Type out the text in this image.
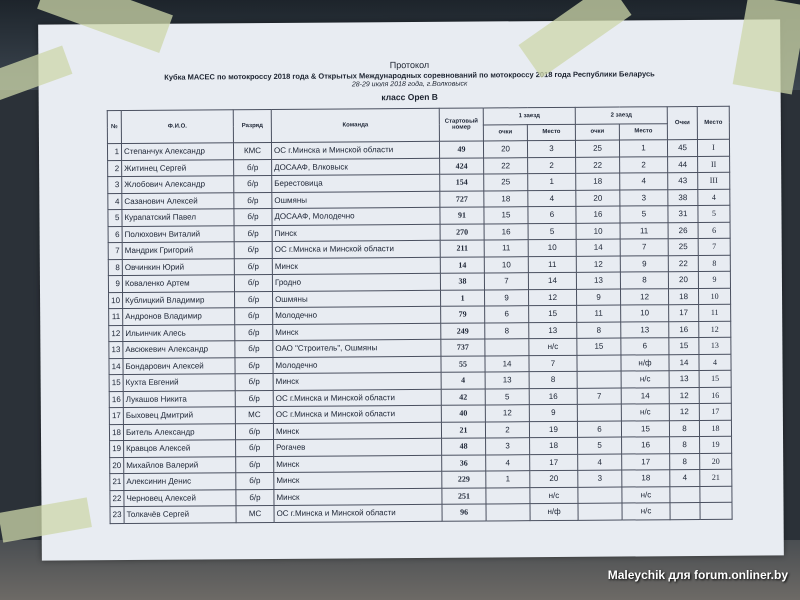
Протокол
Кубка МАСЕС по мотокроссу 2018 года & Открытых Международных соревнований по мотокроссу 2018 года Республики Беларусь
28-29 июля 2018 года, г.Волковыск
класс Open B
№	Ф.И.О.	Разряд	Команда	Стартовый номер	1 заезд		2 заезд		Очки	Место
					очки	Место	очки	Место		
1	Степанчук Александр	КМС	ОС г.Минска и Минской области	49	20	3	25	1	45	I
2	Житинец Сергей	б/р	ДОСААФ, Влковыск	424	22	2	22	2	44	II
3	Жлобович Александр	б/р	Берестовица	154	25	1	18	4	43	III
4	Сазанович Алексей	б/р	Ошмяны	727	18	4	20	3	38	4
5	Курапатский Павел	б/р	ДОСААФ, Молодечно	91	15	6	16	5	31	5
6	Полюхович Виталий	б/р	Пинск	270	16	5	10	11	26	6
7	Мандрик Григорий	б/р	ОС г.Минска и Минской области	211	11	10	14	7	25	7
8	Овчинкин Юрий	б/р	Минск	14	10	11	12	9	22	8
9	Коваленко Артем	б/р	Гродно	38	7	14	13	8	20	9
10	Кублицкий Владимир	б/р	Ошмяны	1	9	12	9	12	18	10
11	Андронов Владимир	б/р	Молодечно	79	6	15	11	10	17	11
12	Ильинчик Алесь	б/р	Минск	249	8	13	8	13	16	12
13	Авсюкевич Александр	б/р	ОАО "Строитель", Ошмяны	737		н/с	15	6	15	13
14	Бондарович Алексей	б/р	Молодечно	55	14	7		н/ф	14	4
15	Кухта Евгений	б/р	Минск	4	13	8		н/с	13	15
16	Лукашов Никита	б/р	ОС г.Минска и Минской области	42	5	16	7	14	12	16
17	Быховец Дмитрий	МС	ОС г.Минска и Минской области	40	12	9		н/с	12	17
18	Битель Александр	б/р	Минск	21	2	19	6	15	8	18
19	Кравцов Алексей	б/р	Рогачев	48	3	18	5	16	8	19
20	Михайлов Валерий	б/р	Минск	36	4	17	4	17	8	20
21	Алексинин Денис	б/р	Минск	229	1	20	3	18	4	21
22	Черновец Алексей	б/р	Минск	251		н/с		н/с		
23	Толкачёв Сергей	МС	ОС г.Минска и Минской области	96		н/ф		н/с		
Maleychik для forum.onliner.by
